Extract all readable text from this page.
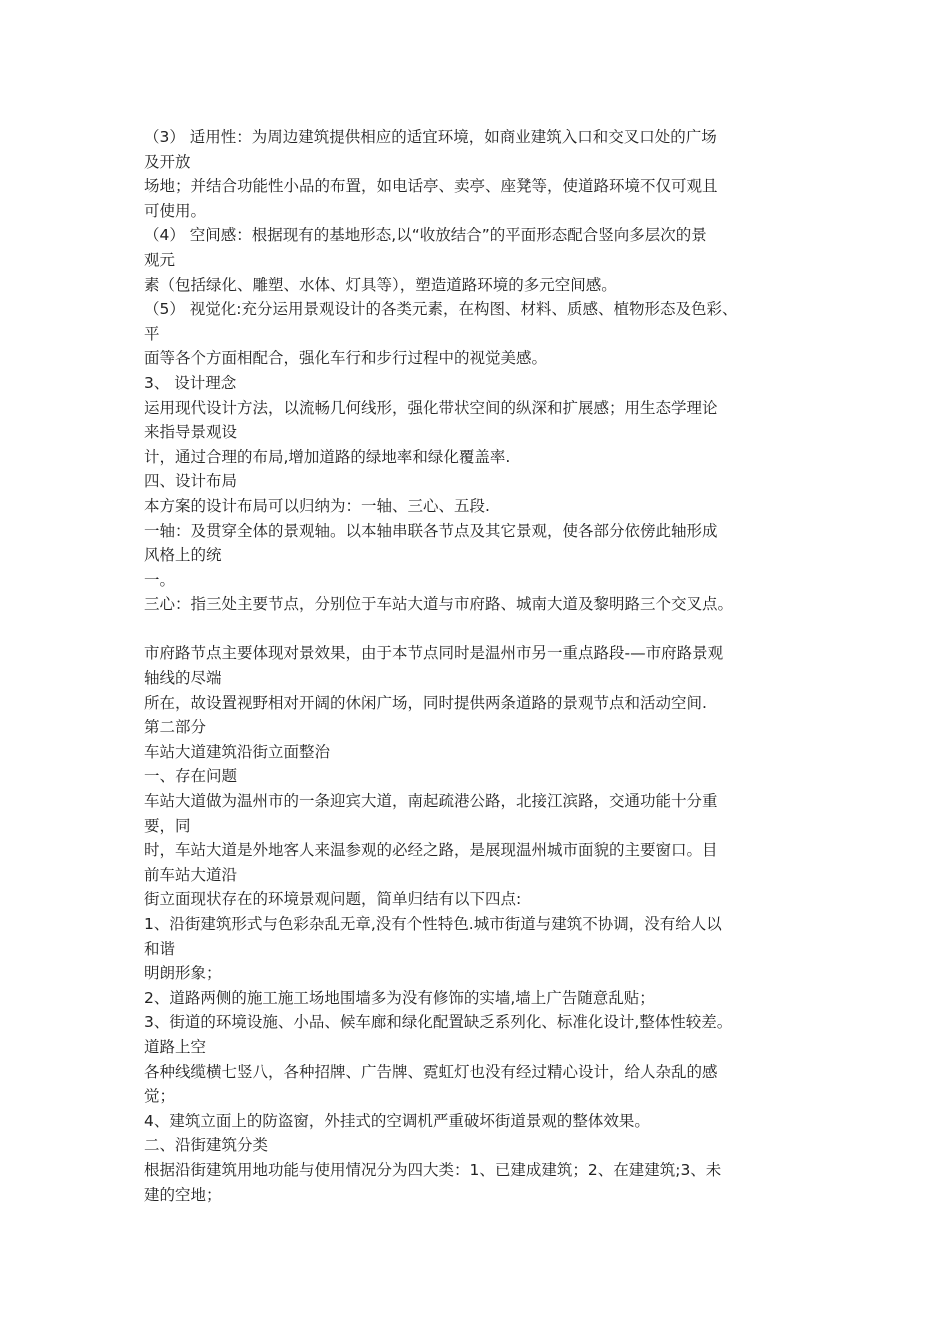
（3） 适用性：为周边建筑提供相应的适宜环境，如商业建筑入口和交叉口处的广场

及开放

场地；并结合功能性小品的布置，如电话亭、卖亭、座凳等，使道路环境不仅可观且

可使用。

（4） 空间感：根据现有的基地形态,以“收放结合”的平面形态配合竖向多层次的景

观元

素（包括绿化、雕塑、水体、灯具等），塑造道路环境的多元空间感。

（5） 视觉化:充分运用景观设计的各类元素，在构图、材料、质感、植物形态及色彩、

平

面等各个方面相配合，强化车行和步行过程中的视觉美感。

3、 设计理念

运用现代设计方法，以流畅几何线形，强化带状空间的纵深和扩展感；用生态学理论

来指导景观设

计，通过合理的布局,增加道路的绿地率和绿化覆盖率.

四、设计布局

本方案的设计布局可以归纳为：一轴、三心、五段.

一轴：及贯穿全体的景观轴。以本轴串联各节点及其它景观，使各部分依傍此轴形成

风格上的统

一。

三心：指三处主要节点，分别位于车站大道与市府路、城南大道及黎明路三个交叉点。

市府路节点主要体现对景效果，由于本节点同时是温州市另一重点路段-—市府路景观

轴线的尽端

所在，故设置视野相对开阔的休闲广场，同时提供两条道路的景观节点和活动空间.

第二部分

车站大道建筑沿街立面整治

一、存在问题

车站大道做为温州市的一条迎宾大道，南起疏港公路，北接江滨路，交通功能十分重

要，同

时，车站大道是外地客人来温参观的必经之路，是展现温州城市面貌的主要窗口。目

前车站大道沿

街立面现状存在的环境景观问题，简单归结有以下四点:

1、沿街建筑形式与色彩杂乱无章,没有个性特色.城市街道与建筑不协调，没有给人以

和谐

明朗形象；

2、道路两侧的施工施工场地围墙多为没有修饰的实墙,墙上广告随意乱贴；

3、街道的环境设施、小品、候车廊和绿化配置缺乏系列化、标准化设计,整体性较差。

道路上空

各种线缆横七竖八，各种招牌、广告牌、霓虹灯也没有经过精心设计，给人杂乱的感

觉；

4、建筑立面上的防盗窗，外挂式的空调机严重破坏街道景观的整体效果。

二、沿街建筑分类

根据沿街建筑用地功能与使用情况分为四大类：1、已建成建筑；2、在建建筑;3、未

建的空地；
